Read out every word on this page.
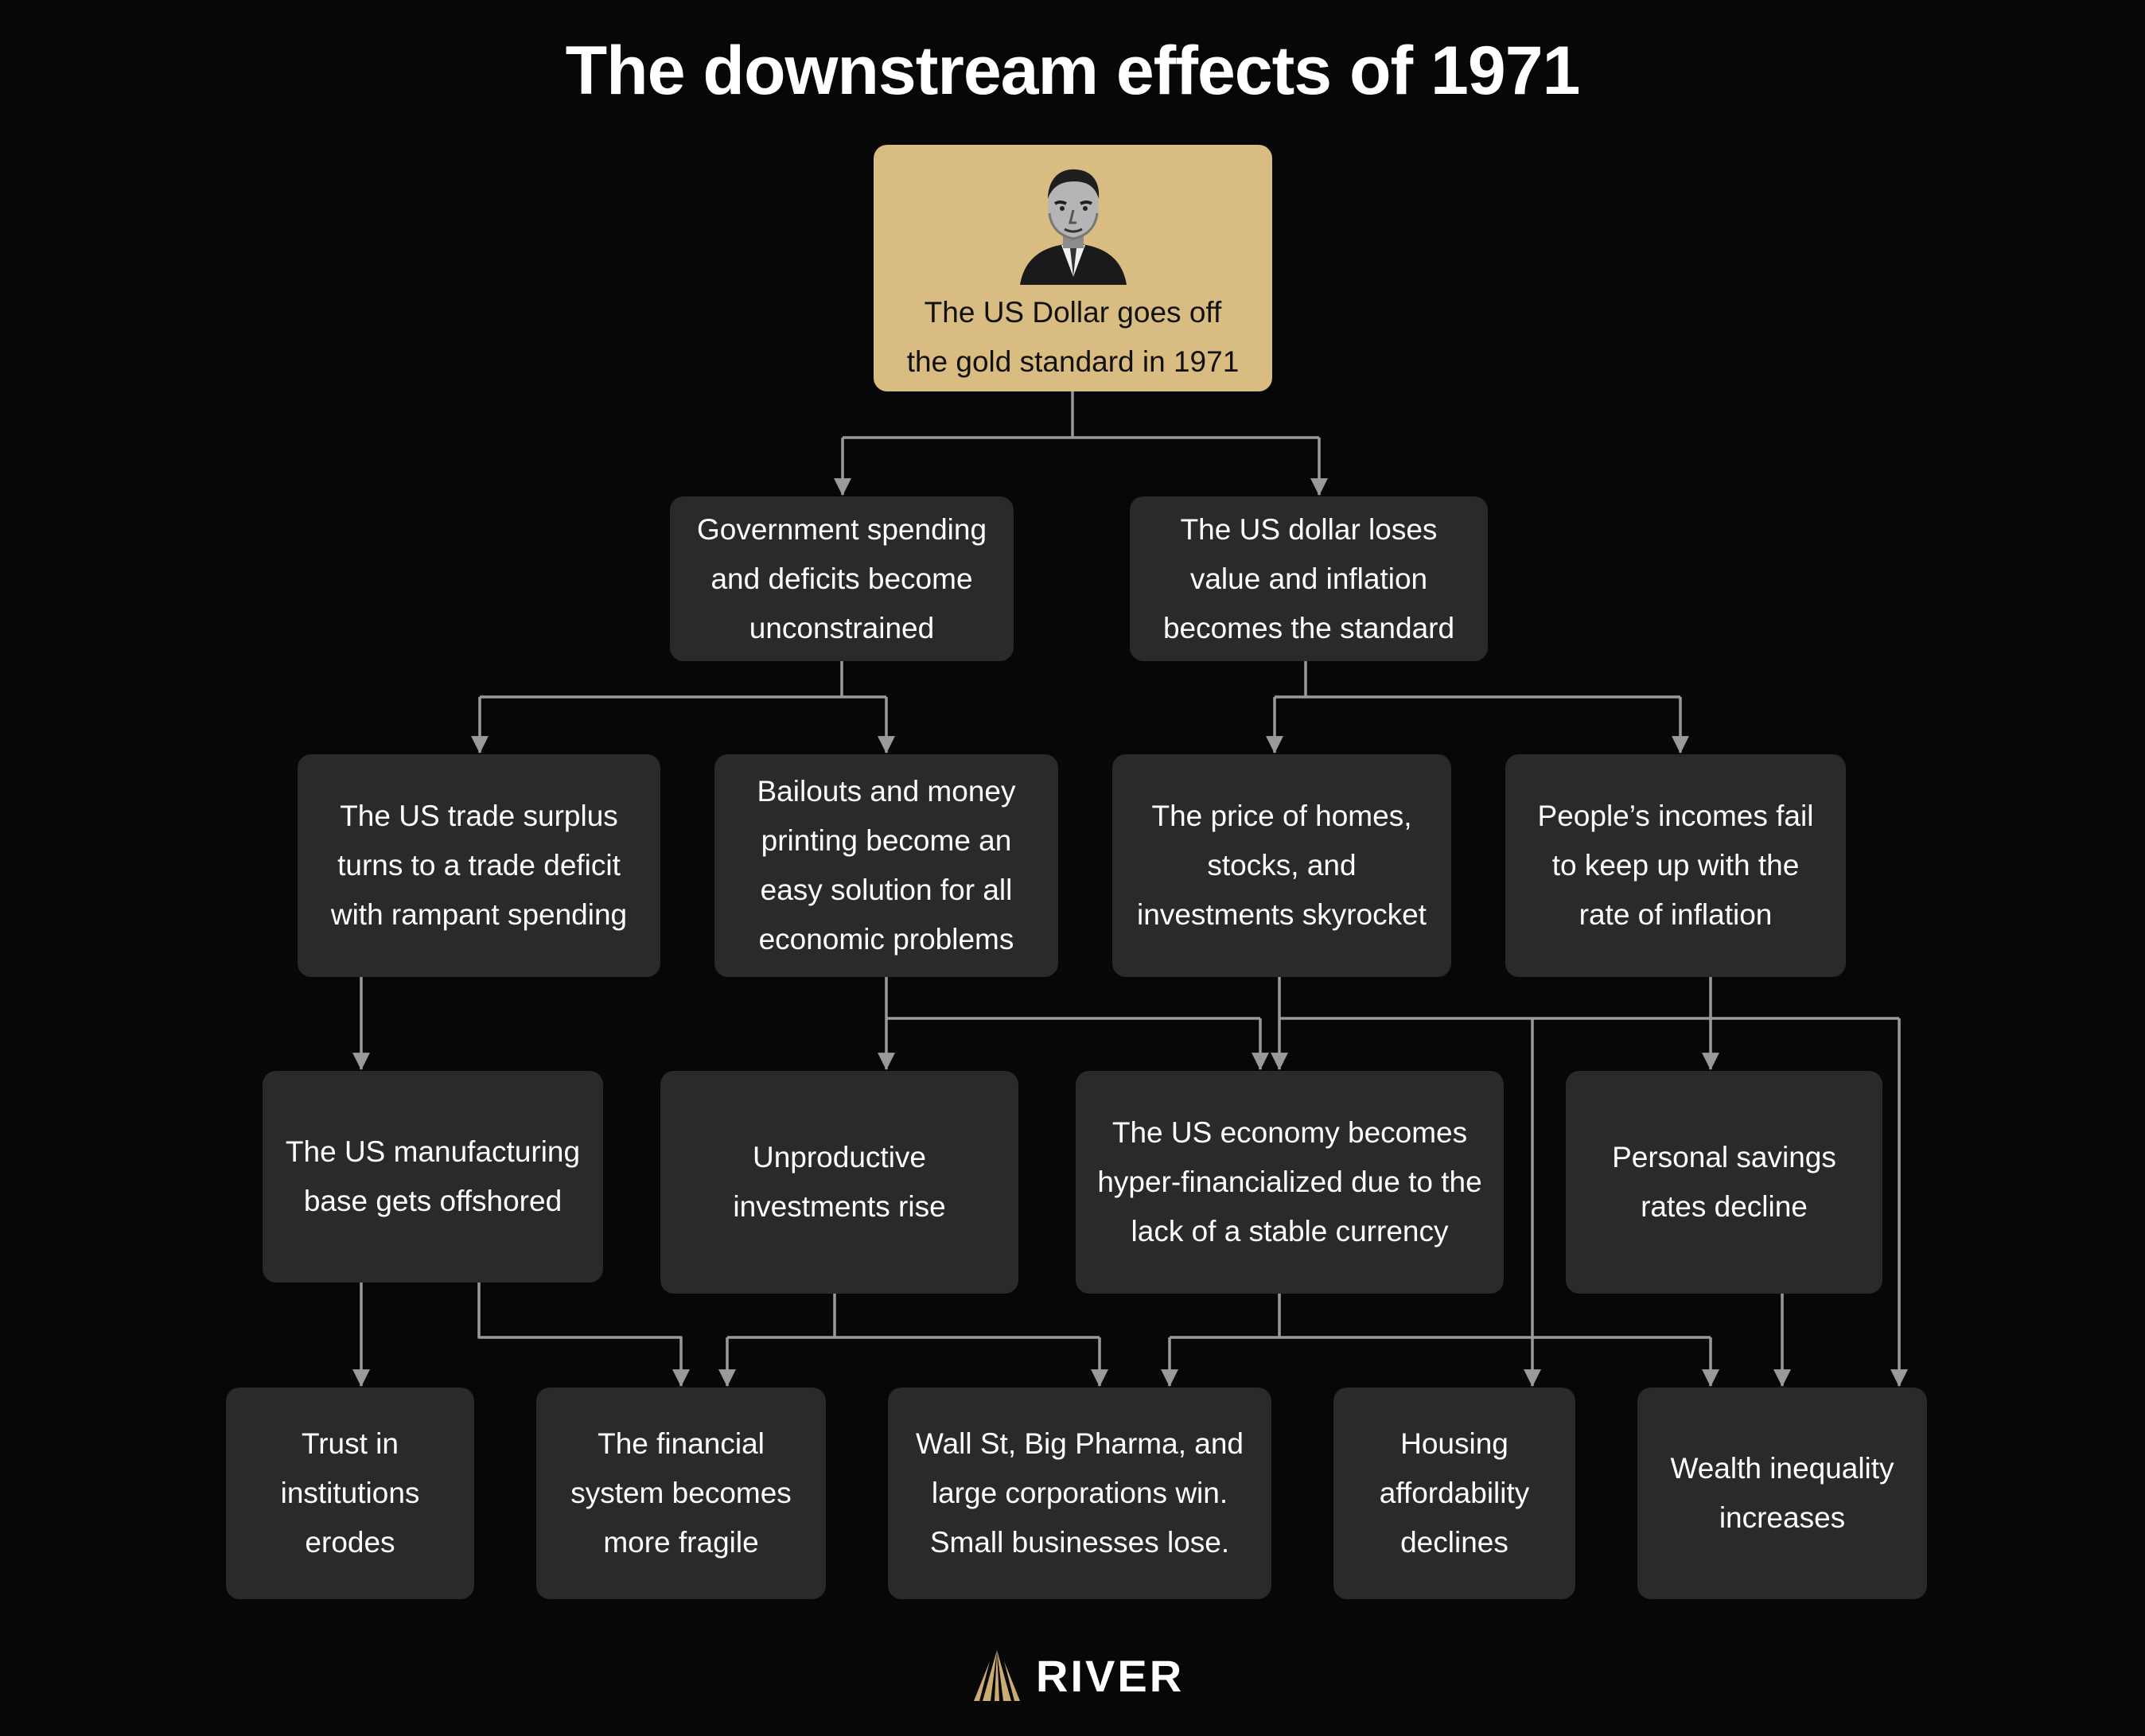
The downstream effects of 1971
The US Dollar goes off
the gold standard in 1971
Government spending
and deficits become
unconstrained
The US dollar loses
value and inflation
becomes the standard
The US trade surplus
turns to a trade deficit
with rampant spending
Bailouts and money
printing become an
easy solution for all
economic problems
The price of homes,
stocks, and
investments skyrocket
People’s incomes fail
to keep up with the
rate of inflation
The US manufacturing
base gets offshored
Unproductive
investments rise
The US economy becomes
hyper-financialized due to the
lack of a stable currency
Personal savings
rates decline
Trust in
institutions
erodes
The financial
system becomes
more fragile
Wall St, Big Pharma, and
large corporations win.
Small businesses lose.
Housing
affordability
declines
Wealth inequality
increases
RIVER
